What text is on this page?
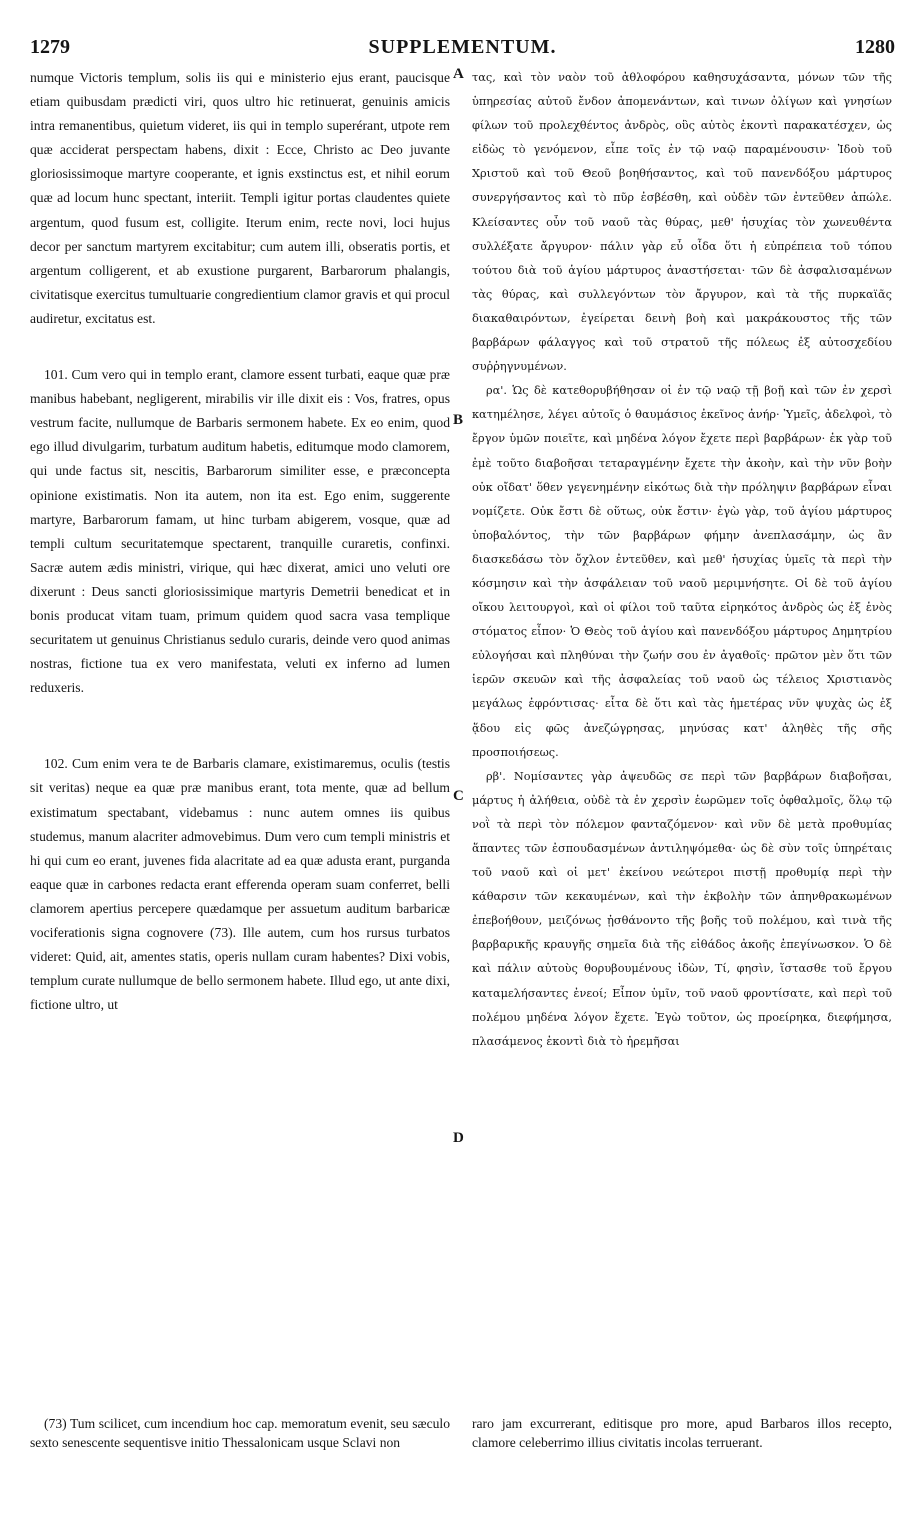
1279	SUPPLEMENTUM.	1280

numque Victoris templum, solis iis qui e ministerio ejus erant, paucisque etiam quibusdam prædicti viri, quos ultro hic retinuerat, genuinis amicis intra remanentibus, quietum videret, iis qui in templo superérant, utpote rem quæ acciderat perspectam habens, dixit : Ecce, Christo ac Deo juvante gloriosissimoque martyre cooperante, et ignis exstinctus est, et nihil eorum quæ ad locum hunc spectant, interiit. Templi igitur portas claudentes quiete argentum, quod fusum est, colligite. Iterum enim, recte novi, loci hujus decor per sanctum martyrem excitabitur; cum autem illi, obseratis portis, et argentum colligerent, et ab exustione purgarent, Barbarorum phalangis, civitatisque exercitus tumultuarie congredientium clamor gravis et qui procul audiretur, excitatus est.

101. Cum vero qui in templo erant, clamore essent turbati, eaque quæ præ manibus habebant, negligerent, mirabilis vir ille dixit eis : Vos, fratres, opus vestrum facite, nullumque de Barbaris sermonem habete. Ex eo enim, quod ego illud divulgarim, turbatum auditum habetis, editumque modo clamorem, qui unde factus sit, nescitis, Barbarorum similiter esse, e præconcepta opinione existimatis. Non ita autem, non ita est. Ego enim, suggerente martyre, Barbarorum famam, ut hinc turbam abigerem, vosque, quæ ad templi cultum securitatemque spectarent, tranquille curaretis, confinxi. Sacræ autem ædis ministri, virique, qui hæc dixerat, amici uno veluti ore dixerunt : Deus sancti gloriosissimique martyris Demetrii benedicat et in bonis producat vitam tuam, primum quidem quod sacra vasa templique securitatem ut genuinus Christianus sedulo curaris, deinde vero quod animas nostras, fictione tua ex vero manifestata, veluti ex inferno ad lumen reduxeris.

102. Cum enim vera te de Barbaris clamare, existimaremus, oculis (testis sit veritas) neque ea quæ præ manibus erant, tota mente, quæ ad bellum existimatum spectabant, videbamus : nunc autem omnes iis quibus studemus, manum alacriter admovebimus. Dum vero cum templi ministris et hi qui cum eo erant, juvenes fida alacritate ad ea quæ adusta erant, purganda eaque quæ in carbones redacta erant efferenda operam suam conferret, belli clamorem apertius percepere quædamque per assuetum auditum barbaricæ vociferationis signa cognovere (73). Ille autem, cum hos rursus turbatos videret: Quid, ait, amentes statis, operis nullam curam habentes? Dixi vobis, templum curate nullumque de bello sermonem habete. Illud ego, ut ante dixi, fictione ultro, ut

τας, καὶ τὸν ναὸν τοῦ ἀθλοφόρου καθησυχάσαντα, μόνων τῶν τῆς ὑπηρεσίας αὐτοῦ ἔνδον ἀπομενάντων, καὶ τινων ὀλίγων καὶ γνησίων φίλων τοῦ προλεχθέντος ἀνδρὸς, οὓς αὐτὸς ἑκοντὶ παρακατέσχεν, ὡς εἰδὼς τὸ γενόμενον, εἶπε τοῖς ἐν τῷ ναῷ παραμένουσιν· Ἰδοὺ τοῦ Χριστοῦ καὶ τοῦ Θεοῦ βοηθήσαντος, καὶ τοῦ πανενδόξου μάρτυρος συνεργήσαντος καὶ τὸ πῦρ ἐσβέσθη, καὶ οὐδὲν τῶν ἐντεῦθεν ἀπώλε. Κλείσαντες οὖν τοῦ ναοῦ τὰς θύρας, μεθ' ἡσυχίας τὸν χωνευθέντα συλλέξατε ἄργυρον· πάλιν γὰρ εὖ οἶδα ὅτι ἡ εὐπρέπεια τοῦ τόπου τούτου διὰ τοῦ ἁγίου μάρτυρος ἀναστήσεται· τῶν δὲ ἀσφαλισαμένων τὰς θύρας, καὶ συλλεγόντων τὸν ἄργυρον, καὶ τὰ τῆς πυρκαϊᾶς διακαθαιρόντων, ἐγείρεται δεινὴ βοὴ καὶ μακράκουστος τῆς τῶν βαρβάρων φάλαγγος καὶ τοῦ στρατοῦ τῆς πόλεως ἐξ αὐτοσχεδίου συῤῥηγνυμένων.

ρα'. Ὡς δὲ κατεθορυβήθησαν οἱ ἐν τῷ ναῷ τῇ βοῇ καὶ τῶν ἐν χερσὶ κατημέλησε, λέγει αὐτοῖς ὁ θαυμάσιος ἐκεῖνος ἀνήρ· Ὑμεῖς, ἀδελφοὶ, τὸ ἔργον ὑμῶν ποιεῖτε, καὶ μηδένα λόγον ἔχετε περὶ βαρβάρων· ἐκ γὰρ τοῦ ἐμὲ τοῦτο διαβοῆσαι τεταραγμένην ἔχετε τὴν ἀκοὴν, καὶ τὴν νῦν βοὴν οὐκ οἴδατ' ὅθεν γεγενημένην εἰκότως διὰ τὴν πρόληψιν βαρβάρων εἶναι νομίζετε. Οὐκ ἔστι δὲ οὕτως, οὐκ ἔστιν· ἐγὼ γὰρ, τοῦ ἁγίου μάρτυρος ὑποβαλόντος, τὴν τῶν βαρβάρων φήμην ἀνεπλασάμην, ὡς ἂν διασκεδάσω τὸν ὄχλον ἐντεῦθεν, καὶ μεθ' ἡσυχίας ὑμεῖς τὰ περὶ τὴν κόσμησιν καὶ τὴν ἀσφάλειαν τοῦ ναοῦ μεριμνήσητε. Οἱ δὲ τοῦ ἁγίου οἴκου λειτουργοὶ, καὶ οἱ φίλοι τοῦ ταῦτα εἰρηκότος ἀνδρὸς ὡς ἐξ ἑνὸς στόματος εἶπον· Ὁ Θεὸς τοῦ ἁγίου καὶ πανενδόξου μάρτυρος Δημητρίου εὐλογήσαι καὶ πληθύναι τὴν ζωήν σου ἐν ἀγαθοῖς· πρῶτον μὲν ὅτι τῶν ἱερῶν σκευῶν καὶ τῆς ἀσφαλείας τοῦ ναοῦ ὡς τέλειος Χριστιανὸς μεγάλως ἐφρόντισας· εἶτα δὲ ὅτι καὶ τὰς ἡμετέρας νῦν ψυχὰς ὡς ἐξ ᾅδου εἰς φῶς ἀνεζώγρησας, μηνύσας κατ' ἀληθὲς τῆς σῆς προσποιήσεως.

ρβ'. Νομίσαντες γὰρ ἀψευδῶς σε περὶ τῶν βαρβάρων διαβοῆσαι, μάρτυς ἡ ἀλήθεια, οὐδὲ τὰ ἐν χερσὶν ἑωρῶμεν τοῖς ὀφθαλμοῖς, ὅλῳ τῷ νοῒ τὰ περὶ τὸν πόλεμον φανταζόμενον· καὶ νῦν δὲ μετὰ προθυμίας ἅπαντες τῶν ἐσπουδασμένων ἀντιληψόμεθα· ὡς δὲ σὺν τοῖς ὑπηρέταις τοῦ ναοῦ καὶ οἱ μετ' ἐκείνου νεώτεροι πιστῇ προθυμίᾳ περὶ τὴν κάθαρσιν τῶν κεκαυμένων, καὶ τὴν ἐκβολὴν τῶν ἀπηνθρακωμένων ἐπεβοήθουν, μειζόνως ᾐσθάνοντο τῆς βοῆς τοῦ πολέμου, καὶ τινὰ τῆς βαρβαρικῆς κραυγῆς σημεῖα διὰ τῆς εἰθάδος ἀκοῆς ἐπεγίνωσκον. Ὁ δὲ καὶ πάλιν αὐτοὺς θορυβουμένους ἰδὼν, Τί, φησὶν, ἵστασθε τοῦ ἔργου καταμελήσαντες ἐνεοί; Εἶπον ὑμῖν, τοῦ ναοῦ φροντίσατε, καὶ περὶ τοῦ πολέμου μηδένα λόγον ἔχετε. Ἐγὼ τοῦτον, ὡς προείρηκα, διεφήμησα, πλασάμενος ἑκοντὶ διὰ τὸ ἠρεμῆσαι

A
B
C
D

(73) Tum scilicet, cum incendium hoc cap. memoratum evenit, seu sæculo sexto senescente sequentisve initio Thessalonicam usque Sclavi non

raro jam excurrerant, editisque pro more, apud Barbaros illos recepto, clamore celeberrimo illius civitatis incolas terruerant.
